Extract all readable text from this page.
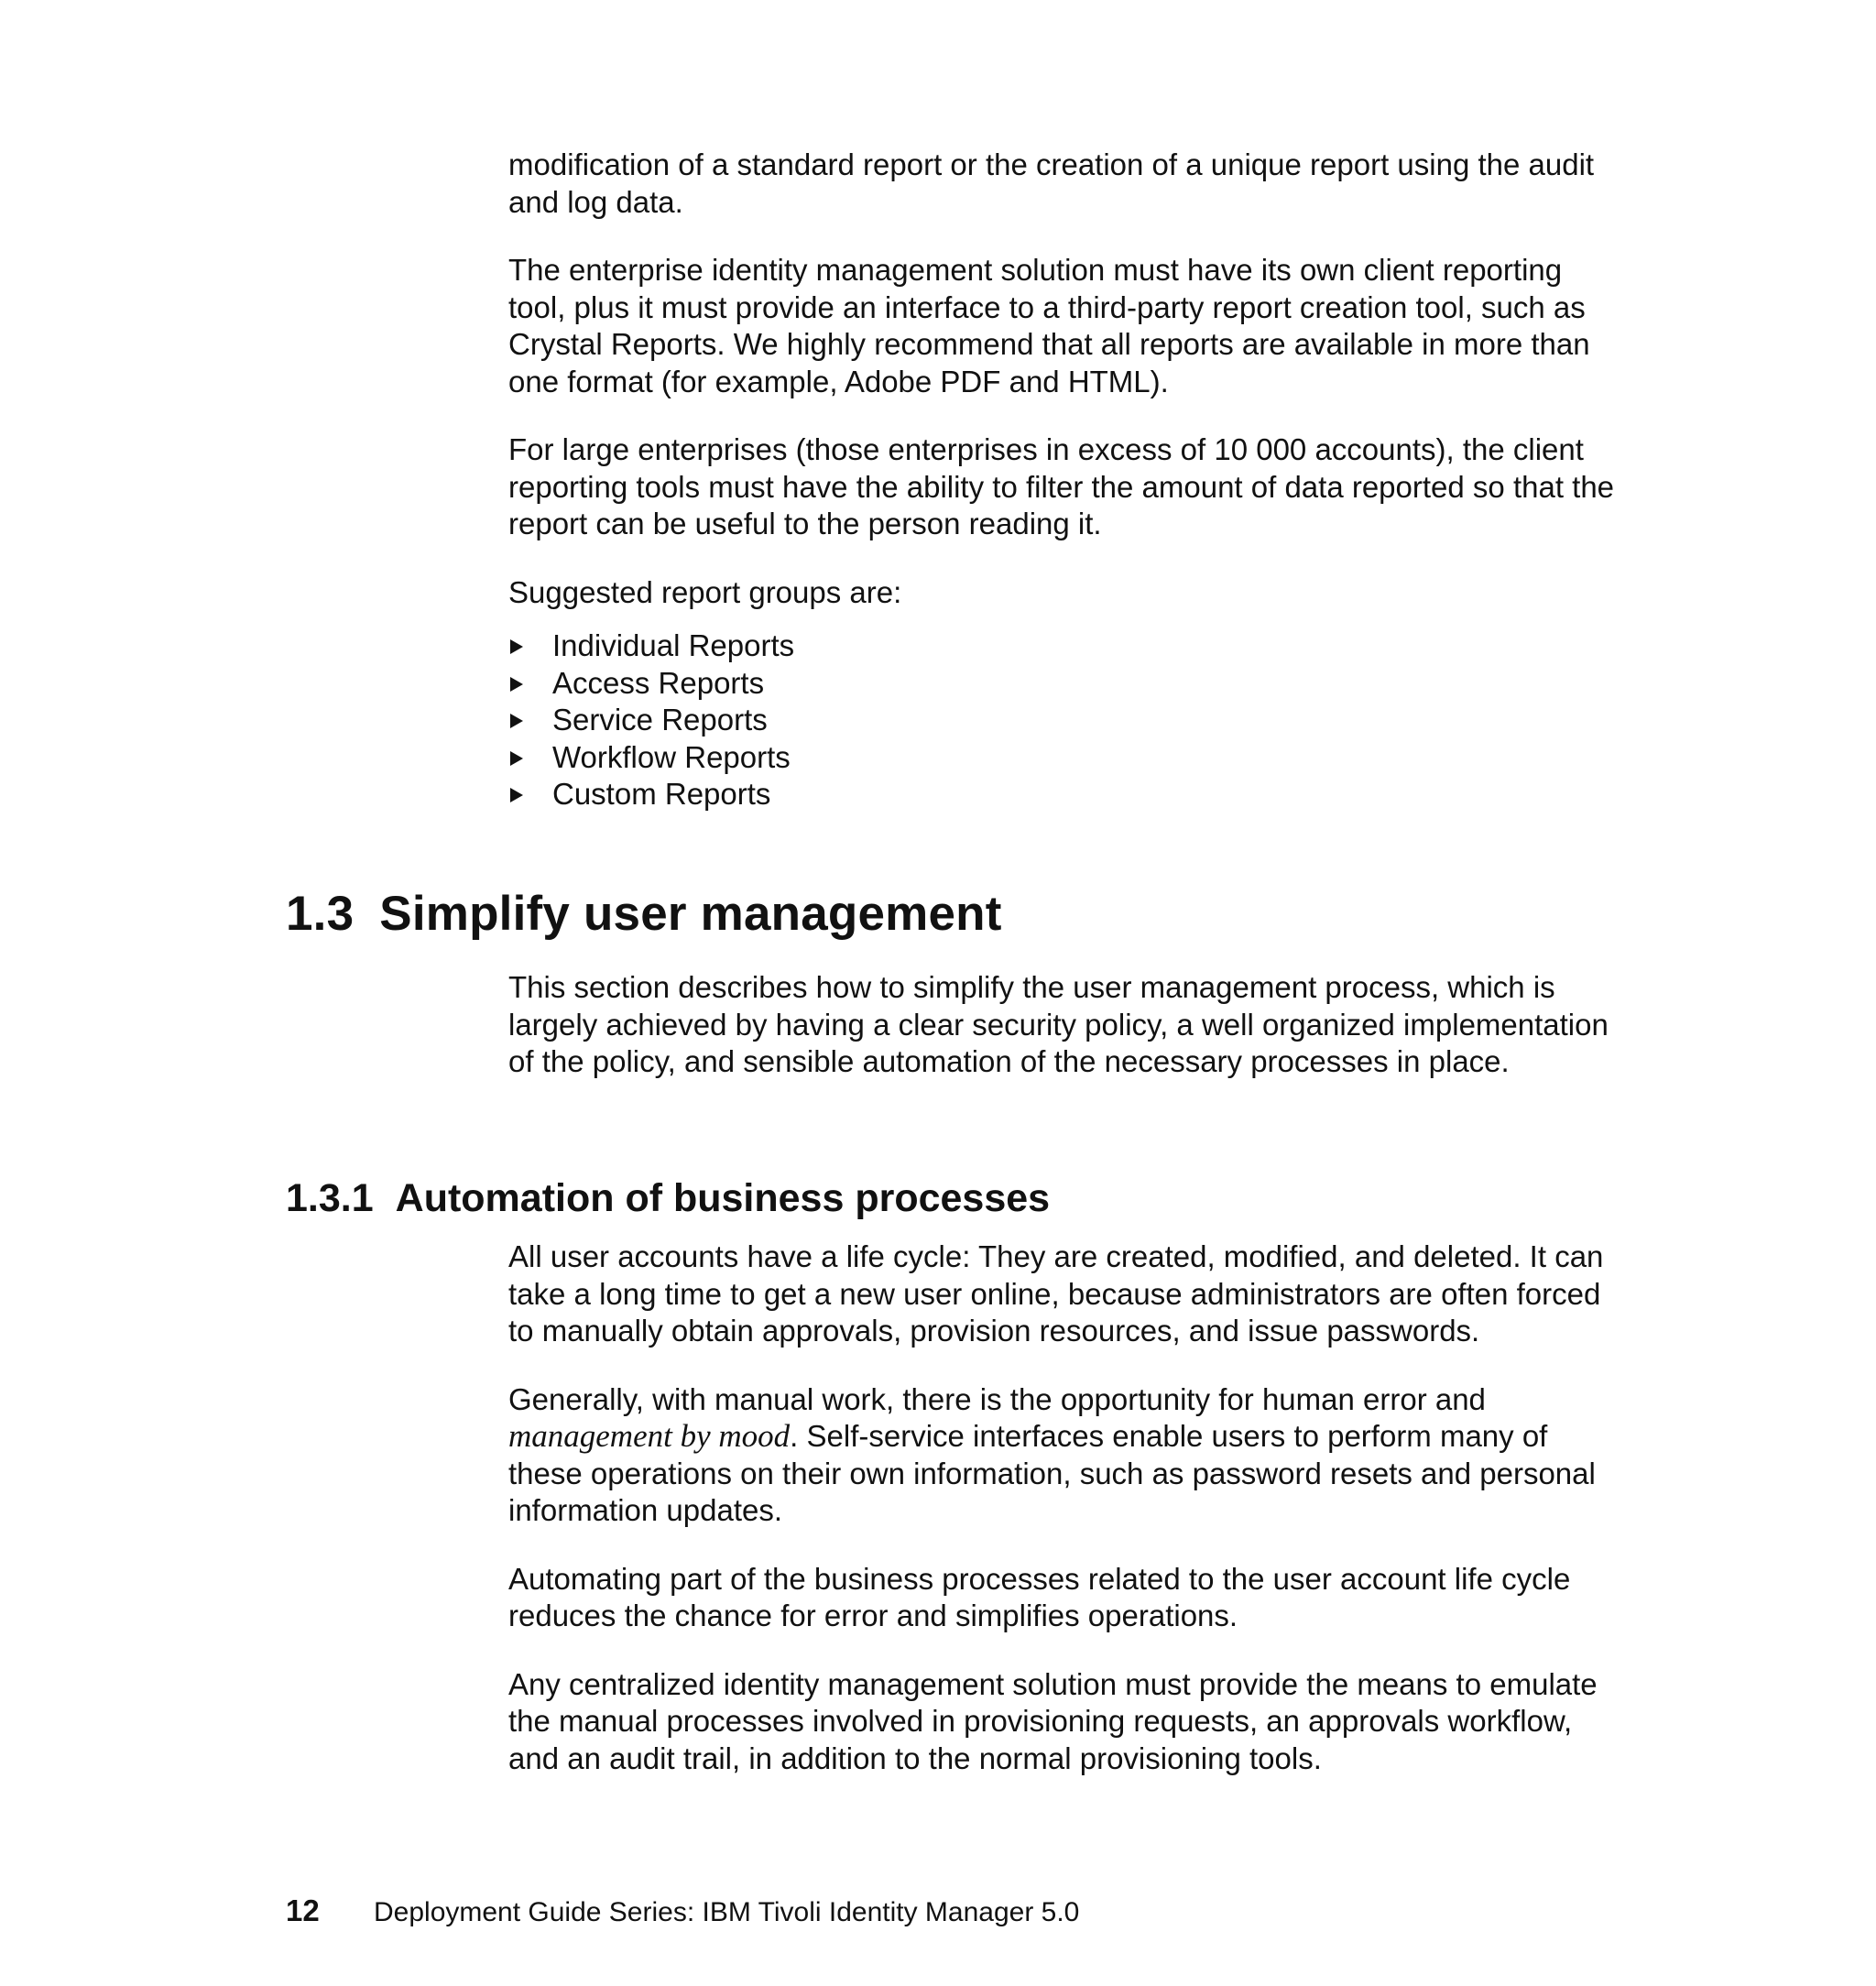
modification of a standard report or the creation of a unique report using the audit and log data.

The enterprise identity management solution must have its own client reporting tool, plus it must provide an interface to a third-party report creation tool, such as Crystal Reports. We highly recommend that all reports are available in more than one format (for example, Adobe PDF and HTML).

For large enterprises (those enterprises in excess of 10 000 accounts), the client reporting tools must have the ability to filter the amount of data reported so that the report can be useful to the person reading it.

Suggested report groups are:

Individual Reports
Access Reports
Service Reports
Workflow Reports
Custom Reports
1.3 Simplify user management

This section describes how to simplify the user management process, which is largely achieved by having a clear security policy, a well organized implementation of the policy, and sensible automation of the necessary processes in place.

1.3.1 Automation of business processes

All user accounts have a life cycle: They are created, modified, and deleted. It can take a long time to get a new user online, because administrators are often forced to manually obtain approvals, provision resources, and issue passwords.

Generally, with manual work, there is the opportunity for human error and management by mood. Self-service interfaces enable users to perform many of these operations on their own information, such as password resets and personal information updates.

Automating part of the business processes related to the user account life cycle reduces the chance for error and simplifies operations.

Any centralized identity management solution must provide the means to emulate the manual processes involved in provisioning requests, an approvals workflow, and an audit trail, in addition to the normal provisioning tools.

12 Deployment Guide Series: IBM Tivoli Identity Manager 5.0
